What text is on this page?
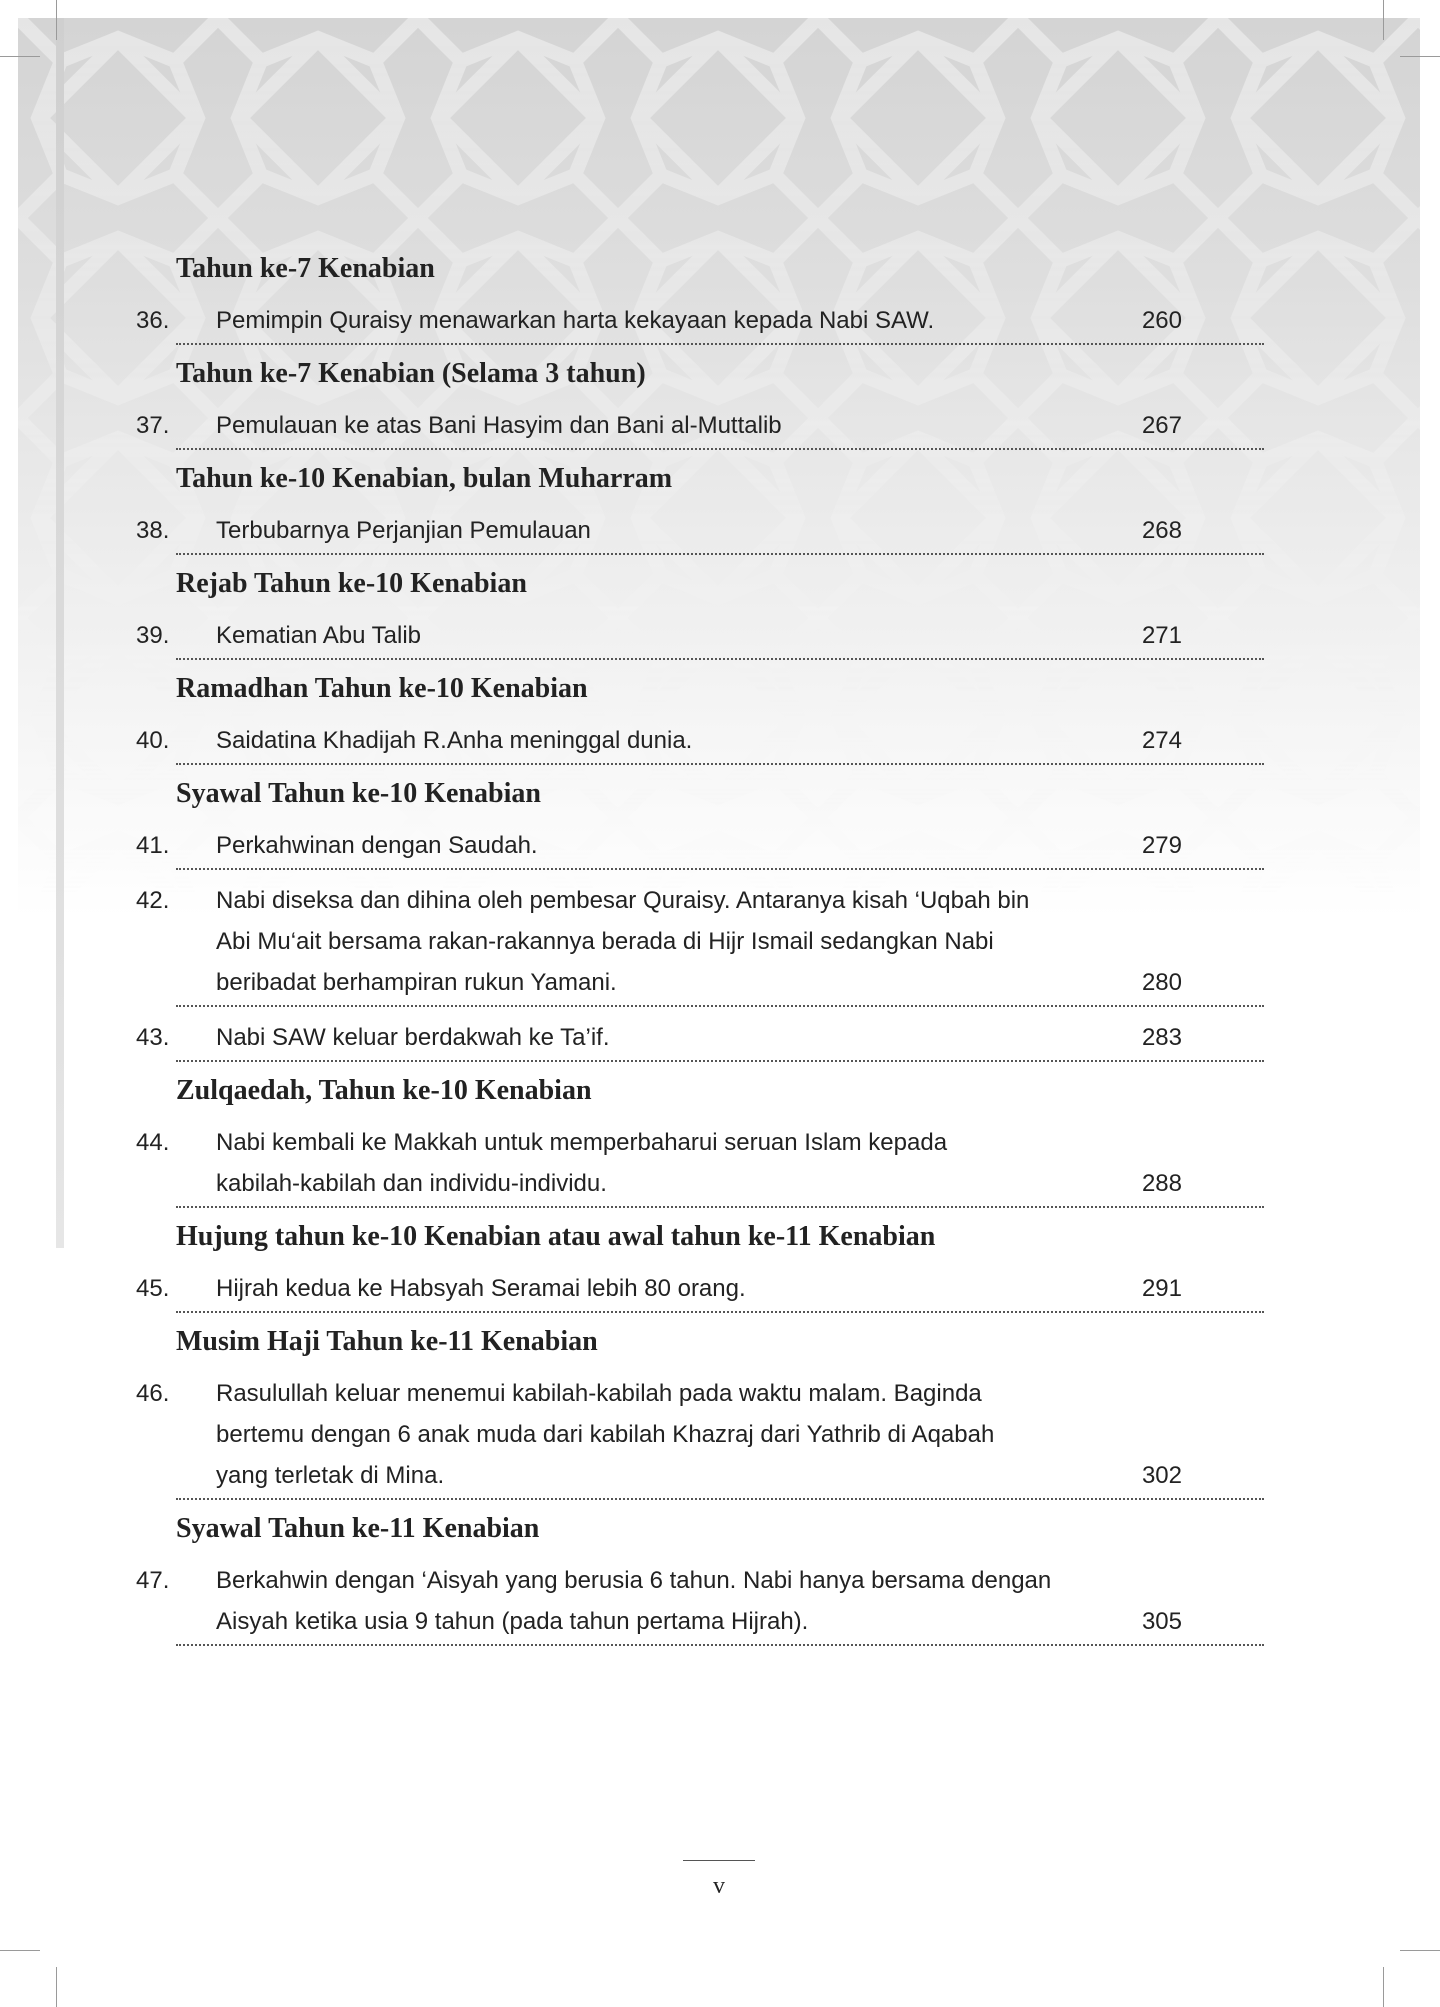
Tahun ke-7 Kenabian
36. Pemimpin Quraisy menawarkan harta kekayaan kepada Nabi SAW.	260
Tahun ke-7 Kenabian (Selama 3 tahun)
37. Pemulauan ke atas Bani Hasyim dan Bani al-Muttalib	267
Tahun ke-10 Kenabian, bulan Muharram
38. Terbubarnya Perjanjian Pemulauan	268
Rejab Tahun ke-10 Kenabian
39. Kematian Abu Talib	271
Ramadhan Tahun ke-10 Kenabian
40. Saidatina Khadijah R.Anha meninggal dunia.	274
Syawal Tahun ke-10 Kenabian
41. Perkahwinan dengan Saudah.	279
42. Nabi diseksa dan dihina oleh pembesar Quraisy. Antaranya kisah ‘Uqbah bin
Abi Mu‘ait bersama rakan-rakannya berada di Hijr Ismail sedangkan Nabi
beribadat berhampiran rukun Yamani.	280
43. Nabi SAW keluar berdakwah ke Ta’if.	283
Zulqaedah, Tahun ke-10 Kenabian
44. Nabi kembali ke Makkah untuk memperbaharui seruan Islam kepada
kabilah-kabilah dan individu-individu.	288
Hujung tahun ke-10 Kenabian atau awal tahun ke-11 Kenabian
45. Hijrah kedua ke Habsyah Seramai lebih 80 orang.	291
Musim Haji Tahun ke-11 Kenabian
46. Rasulullah keluar menemui kabilah-kabilah pada waktu malam. Baginda
bertemu dengan 6 anak muda dari kabilah Khazraj dari Yathrib di Aqabah
yang terletak di Mina.	302
Syawal Tahun ke-11 Kenabian
47. Berkahwin dengan ‘Aisyah yang berusia 6 tahun. Nabi hanya bersama dengan
Aisyah ketika usia 9 tahun (pada tahun pertama Hijrah).	305
v
